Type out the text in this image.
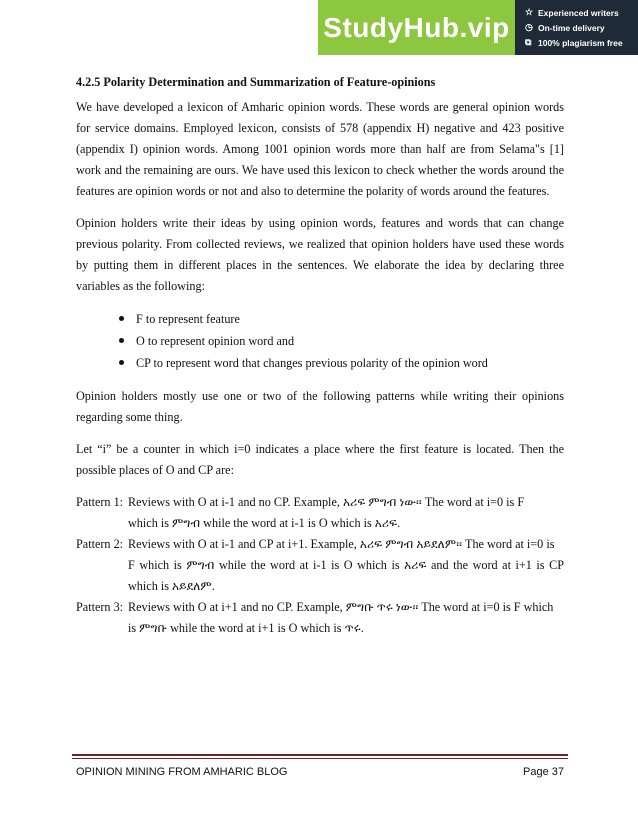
StudyHub.vip	☆ Experienced writers
◷ On-time delivery
⧉ 100% plagiarism free
4.2.5 Polarity Determination and Summarization of Feature-opinions

We have developed a lexicon of Amharic opinion words. These words are general opinion words for service domains. Employed lexicon, consists of 578 (appendix H) negative and 423 positive (appendix I) opinion words. Among 1001 opinion words more than half are from Selama"s [1] work and the remaining are ours. We have used this lexicon to check whether the words around the features are opinion words or not and also to determine the polarity of words around the features.

Opinion holders write their ideas by using opinion words, features and words that can change previous polarity. From collected reviews, we realized that opinion holders have used these words by putting them in different places in the sentences. We elaborate the idea by declaring three variables as the following:

F to represent feature
O to represent opinion word and
CP to represent word that changes previous polarity of the opinion word

Opinion holders mostly use one or two of the following patterns while writing their opinions regarding some thing.

Let “i” be a counter in which i=0 indicates a place where the first feature is located. Then the possible places of O and CP are:

Pattern 1: Reviews with O at i-1 and no CP. Example, አሪፍ ምግብ ነው፡፡ The word at i=0 is F
which is ምግብ while the word at i-1 is O which is አሪፍ.
Pattern 2: Reviews with O at i-1 and CP at i+1. Example, አሪፍ ምግብ አይደለም፡፡ The word at i=0 is
F which is ምግብ while the word at i-1 is O which is አሪፍ and the word at i+1 is CP which is አይደለም.
Pattern 3: Reviews with O at i+1 and no CP. Example, ምግቡ ጥሩ ነው፡፡ The word at i=0 is F which
is ምግቡ while the word at i+1 is O which is ጥሩ.
OPINION MINING FROM AMHARIC BLOG	Page 37
